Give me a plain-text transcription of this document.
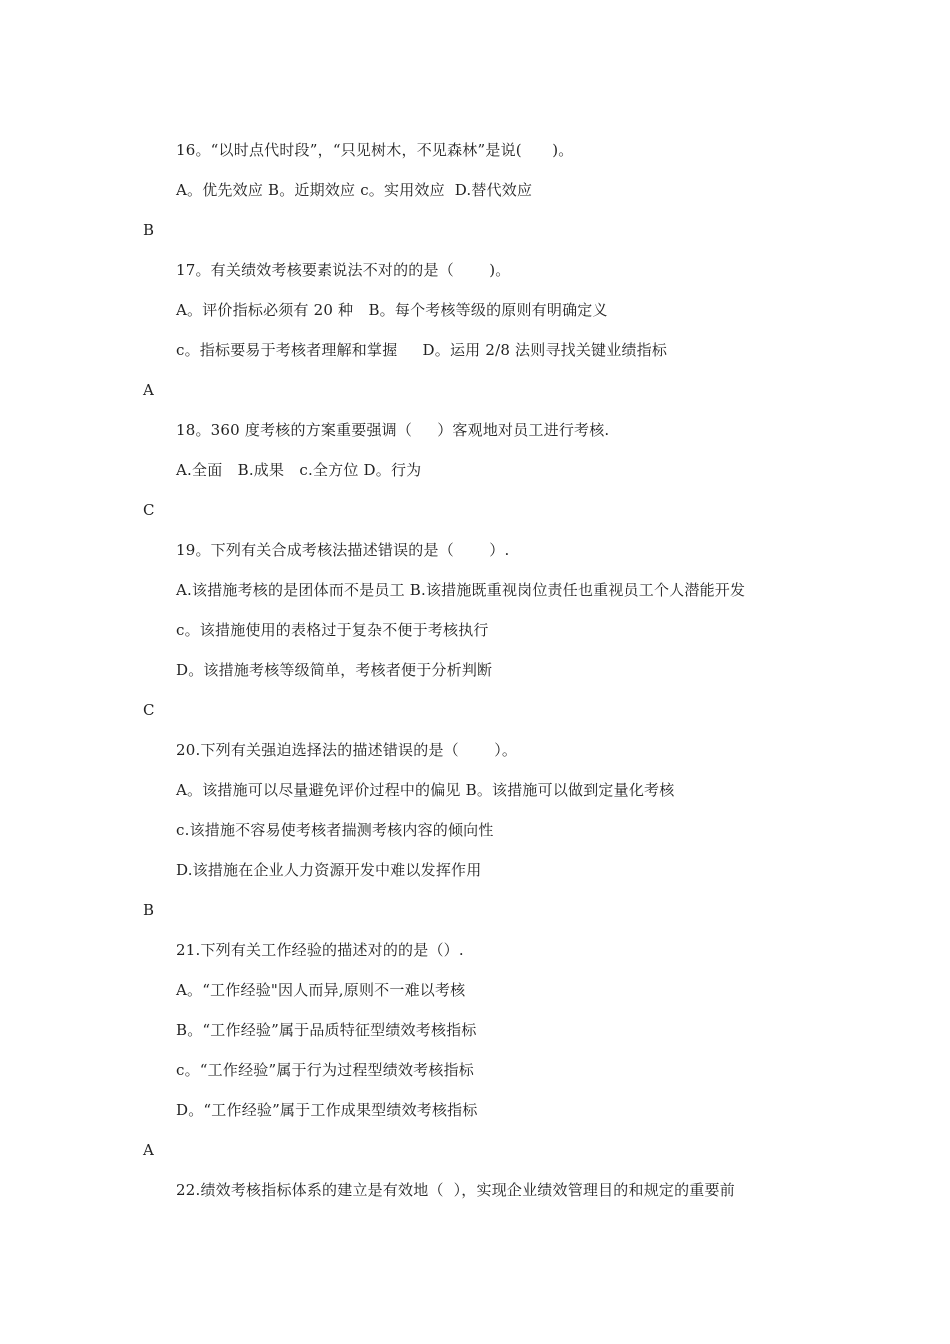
16。“以时点代时段”，“只见树木，不见森林”是说(　　)。
A。优先效应 B。近期效应 c。实用效应  D.替代效应
B
17。有关绩效考核要素说法不对的的是（　　 )。
A。评价指标必须有 20 种　B。每个考核等级的原则有明确定义
c。指标要易于考核者理解和掌握　  D。运用 2/8 法则寻找关键业绩指标
A
18。360 度考核的方案重要强调（　  ）客观地对员工进行考核.
A.全面　B.成果　c.全方位 D。行为
C
19。下列有关合成考核法描述错误的是（　　 ）.
A.该措施考核的是团体而不是员工 B.该措施既重视岗位责任也重视员工个人潜能开发
c。该措施使用的表格过于复杂不便于考核执行
D。该措施考核等级简单，考核者便于分析判断
C
20.下列有关强迫选择法的描述错误的是（　　 ）。
A。该措施可以尽量避免评价过程中的偏见 B。该措施可以做到定量化考核
c.该措施不容易使考核者揣测考核内容的倾向性
D.该措施在企业人力资源开发中难以发挥作用
B
21.下列有关工作经验的描述对的的是（）.
A。“工作经验"因人而异,原则不一难以考核
B。“工作经验”属于品质特征型绩效考核指标
c。“工作经验”属于行为过程型绩效考核指标
D。“工作经验”属于工作成果型绩效考核指标
A
22.绩效考核指标体系的建立是有效地（  ），实现企业绩效管理目的和规定的重要前
